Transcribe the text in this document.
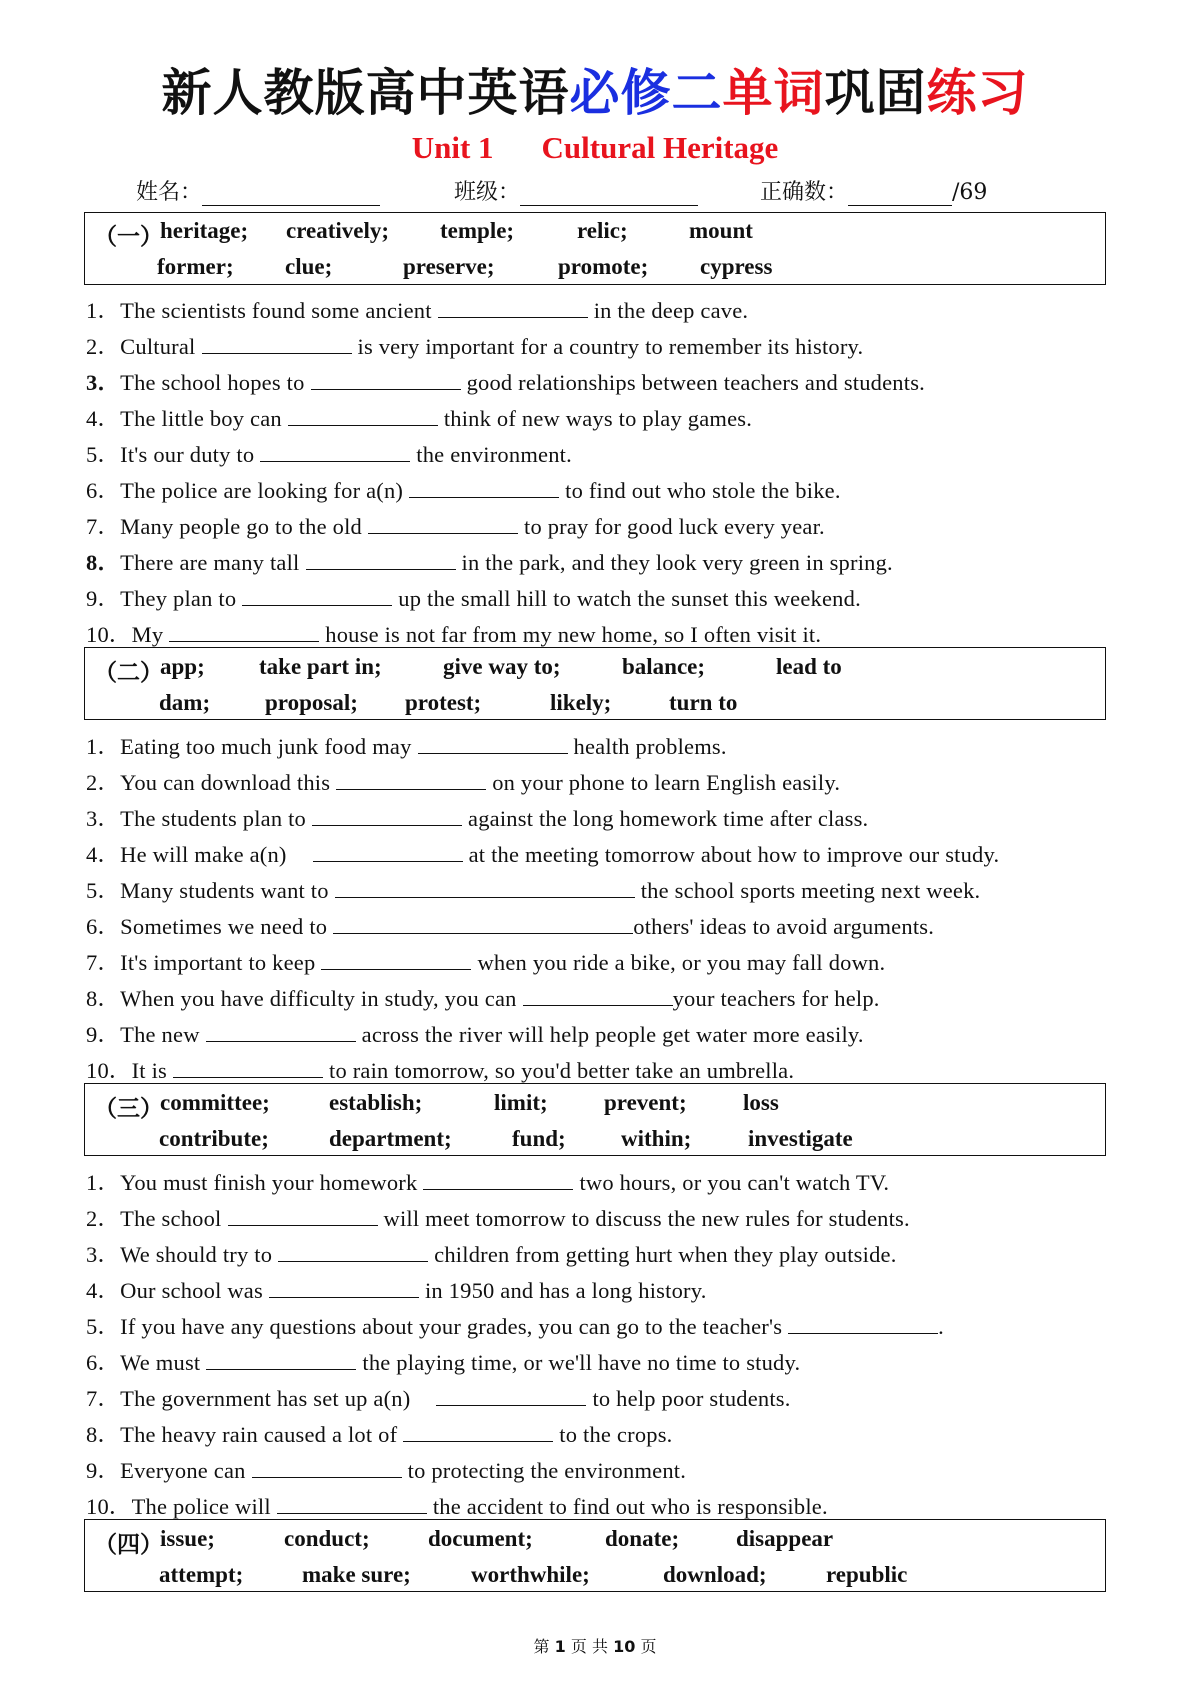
新人教版高中英语必修二单词巩固练习
Unit 1 Cultural Heritage
姓名：	班级：	正确数：	/69
（一）
heritage; creatively; temple;	relic;	mount
former; clue;	preserve;	promote; cypress
1．The scientists found some ancient	in the deep cave.
2．Cultural	is very important for a country to remember its history.
3．The school hopes to	good relationships between teachers and students.
4．The little boy can	think of new ways to play games.
5．It's our duty to	the environment.
6．The police are looking for a(n)	to find out who stole the bike.
7．Many people go to the old	to pray for good luck every year.
8．There are many tall	in the park, and they look very green in spring.
9．They plan to	up the small hill to watch the sunset this weekend.
10．My	house is not far from my new home, so I often visit it.
（二）
app; take part in;	give way to;	balance;	lead to
dam; proposal; protest;	likely;	turn to
1．Eating too much junk food may	health problems.
2．You can download this	on your phone to learn English easily.
3．The students plan to	against the long homework time after class.
4．He will make a(n)	at the meeting tomorrow about how to improve our study.
5．Many students want to	the school sports meeting next week.
6．Sometimes we need to	others' ideas to avoid arguments.
7．It's important to keep	when you ride a bike, or you may fall down.
8．When you have difficulty in study, you can	your teachers for help.
9．The new	across the river will help people get water more easily.
10．It is	to rain tomorrow, so you'd better take an umbrella.
（三）
committee;	establish;	limit; prevent; loss
contribute;	department;	fund; within; investigate
1．You must finish your homework	two hours, or you can't watch TV.
2．The school	will meet tomorrow to discuss the new rules for students.
3．We should try to	children from getting hurt when they play outside.
4．Our school was	in 1950 and has a long history.
5．If you have any questions about your grades, you can go to the teacher's	.
6．We must	the playing time, or we'll have no time to study.
7．The government has set up a(n)	to help poor students.
8．The heavy rain caused a lot of	to the crops.
9．Everyone can	to protecting the environment.
10．The police will	the accident to find out who is responsible.
（四）
issue;	conduct;	document;	donate; disappear
attempt;	make sure;	worthwhile;	download;	republic
第 1 页 共 10 页
